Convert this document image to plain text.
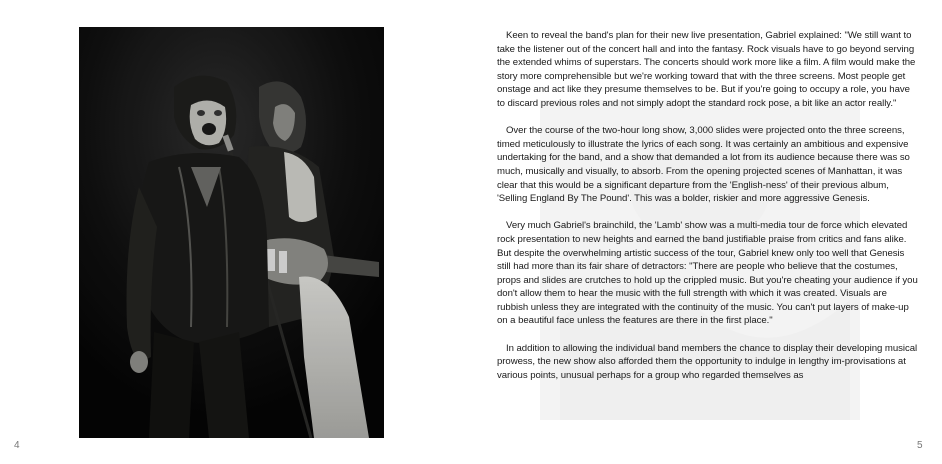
4

Keen to reveal the band's plan for their new live presentation, Gabriel explained: "We still want to take the listener out of the concert hall and into the fantasy. Rock visuals have to go beyond serving the extended whims of superstars. The concerts should work more like a film. A film would make the story more comprehensible but we're working toward that with the three screens. Most people get onstage and act like they presume themselves to be. But if you're going to occupy a role, you have to discard previous roles and not simply adopt the standard rock pose, a bit like an actor really."

Over the course of the two-hour long show, 3,000 slides were projected onto the three screens, timed meticulously to illustrate the lyrics of each song. It was certainly an ambitious and expensive undertaking for the band, and a show that demanded a lot from its audience because there was so much, musically and visually, to absorb. From the opening projected scenes of Manhattan, it was clear that this would be a significant departure from the 'English-ness' of their previous album, 'Selling England By The Pound'. This was a bolder, riskier and more aggressive Genesis.

Very much Gabriel's brainchild, the 'Lamb' show was a multi-media tour de force which elevated rock presentation to new heights and earned the band justifiable praise from critics and fans alike. But despite the overwhelming artistic success of the tour, Gabriel knew only too well that Genesis still had more than its fair share of detractors: "There are people who believe that the costumes, props and slides are crutches to hold up the crippled music. But you're cheating your audience if you don't allow them to hear the music with the full strength with which it was created. Visuals are rubbish unless they are integrated with the continuity of the music. You can't put layers of make-up on a beautiful face unless the features are there in the first place."

In addition to allowing the individual band members the chance to display their developing musical prowess, the new show also afforded them the opportunity to indulge in lengthy im-provisations at various points, unusual perhaps for a group who regarded themselves as

5
